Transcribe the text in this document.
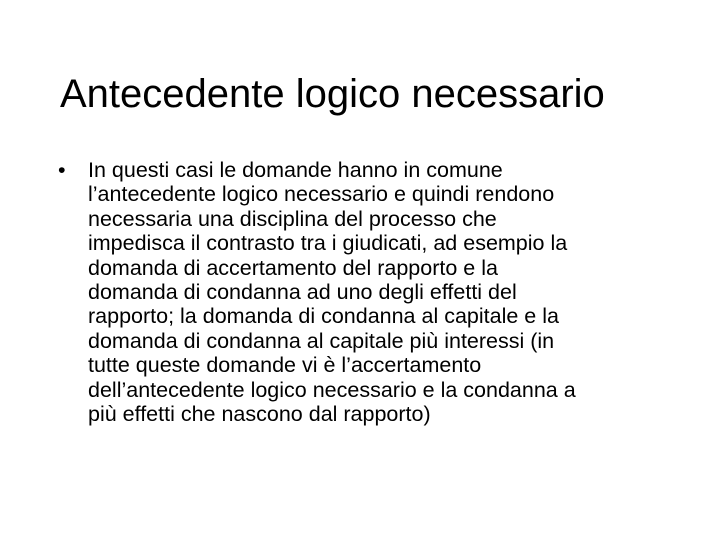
Antecedente logico necessario
•	In questi casi le domande hanno in comune
l’antecedente logico necessario e quindi rendono
necessaria una disciplina del processo che
impedisca il contrasto tra i giudicati, ad esempio la
domanda di accertamento del rapporto e la
domanda di condanna ad uno degli effetti del
rapporto; la domanda di condanna al capitale e la
domanda di condanna al capitale più interessi (in
tutte queste domande vi è l’accertamento
dell’antecedente logico necessario e la condanna a
più effetti che nascono dal rapporto)
